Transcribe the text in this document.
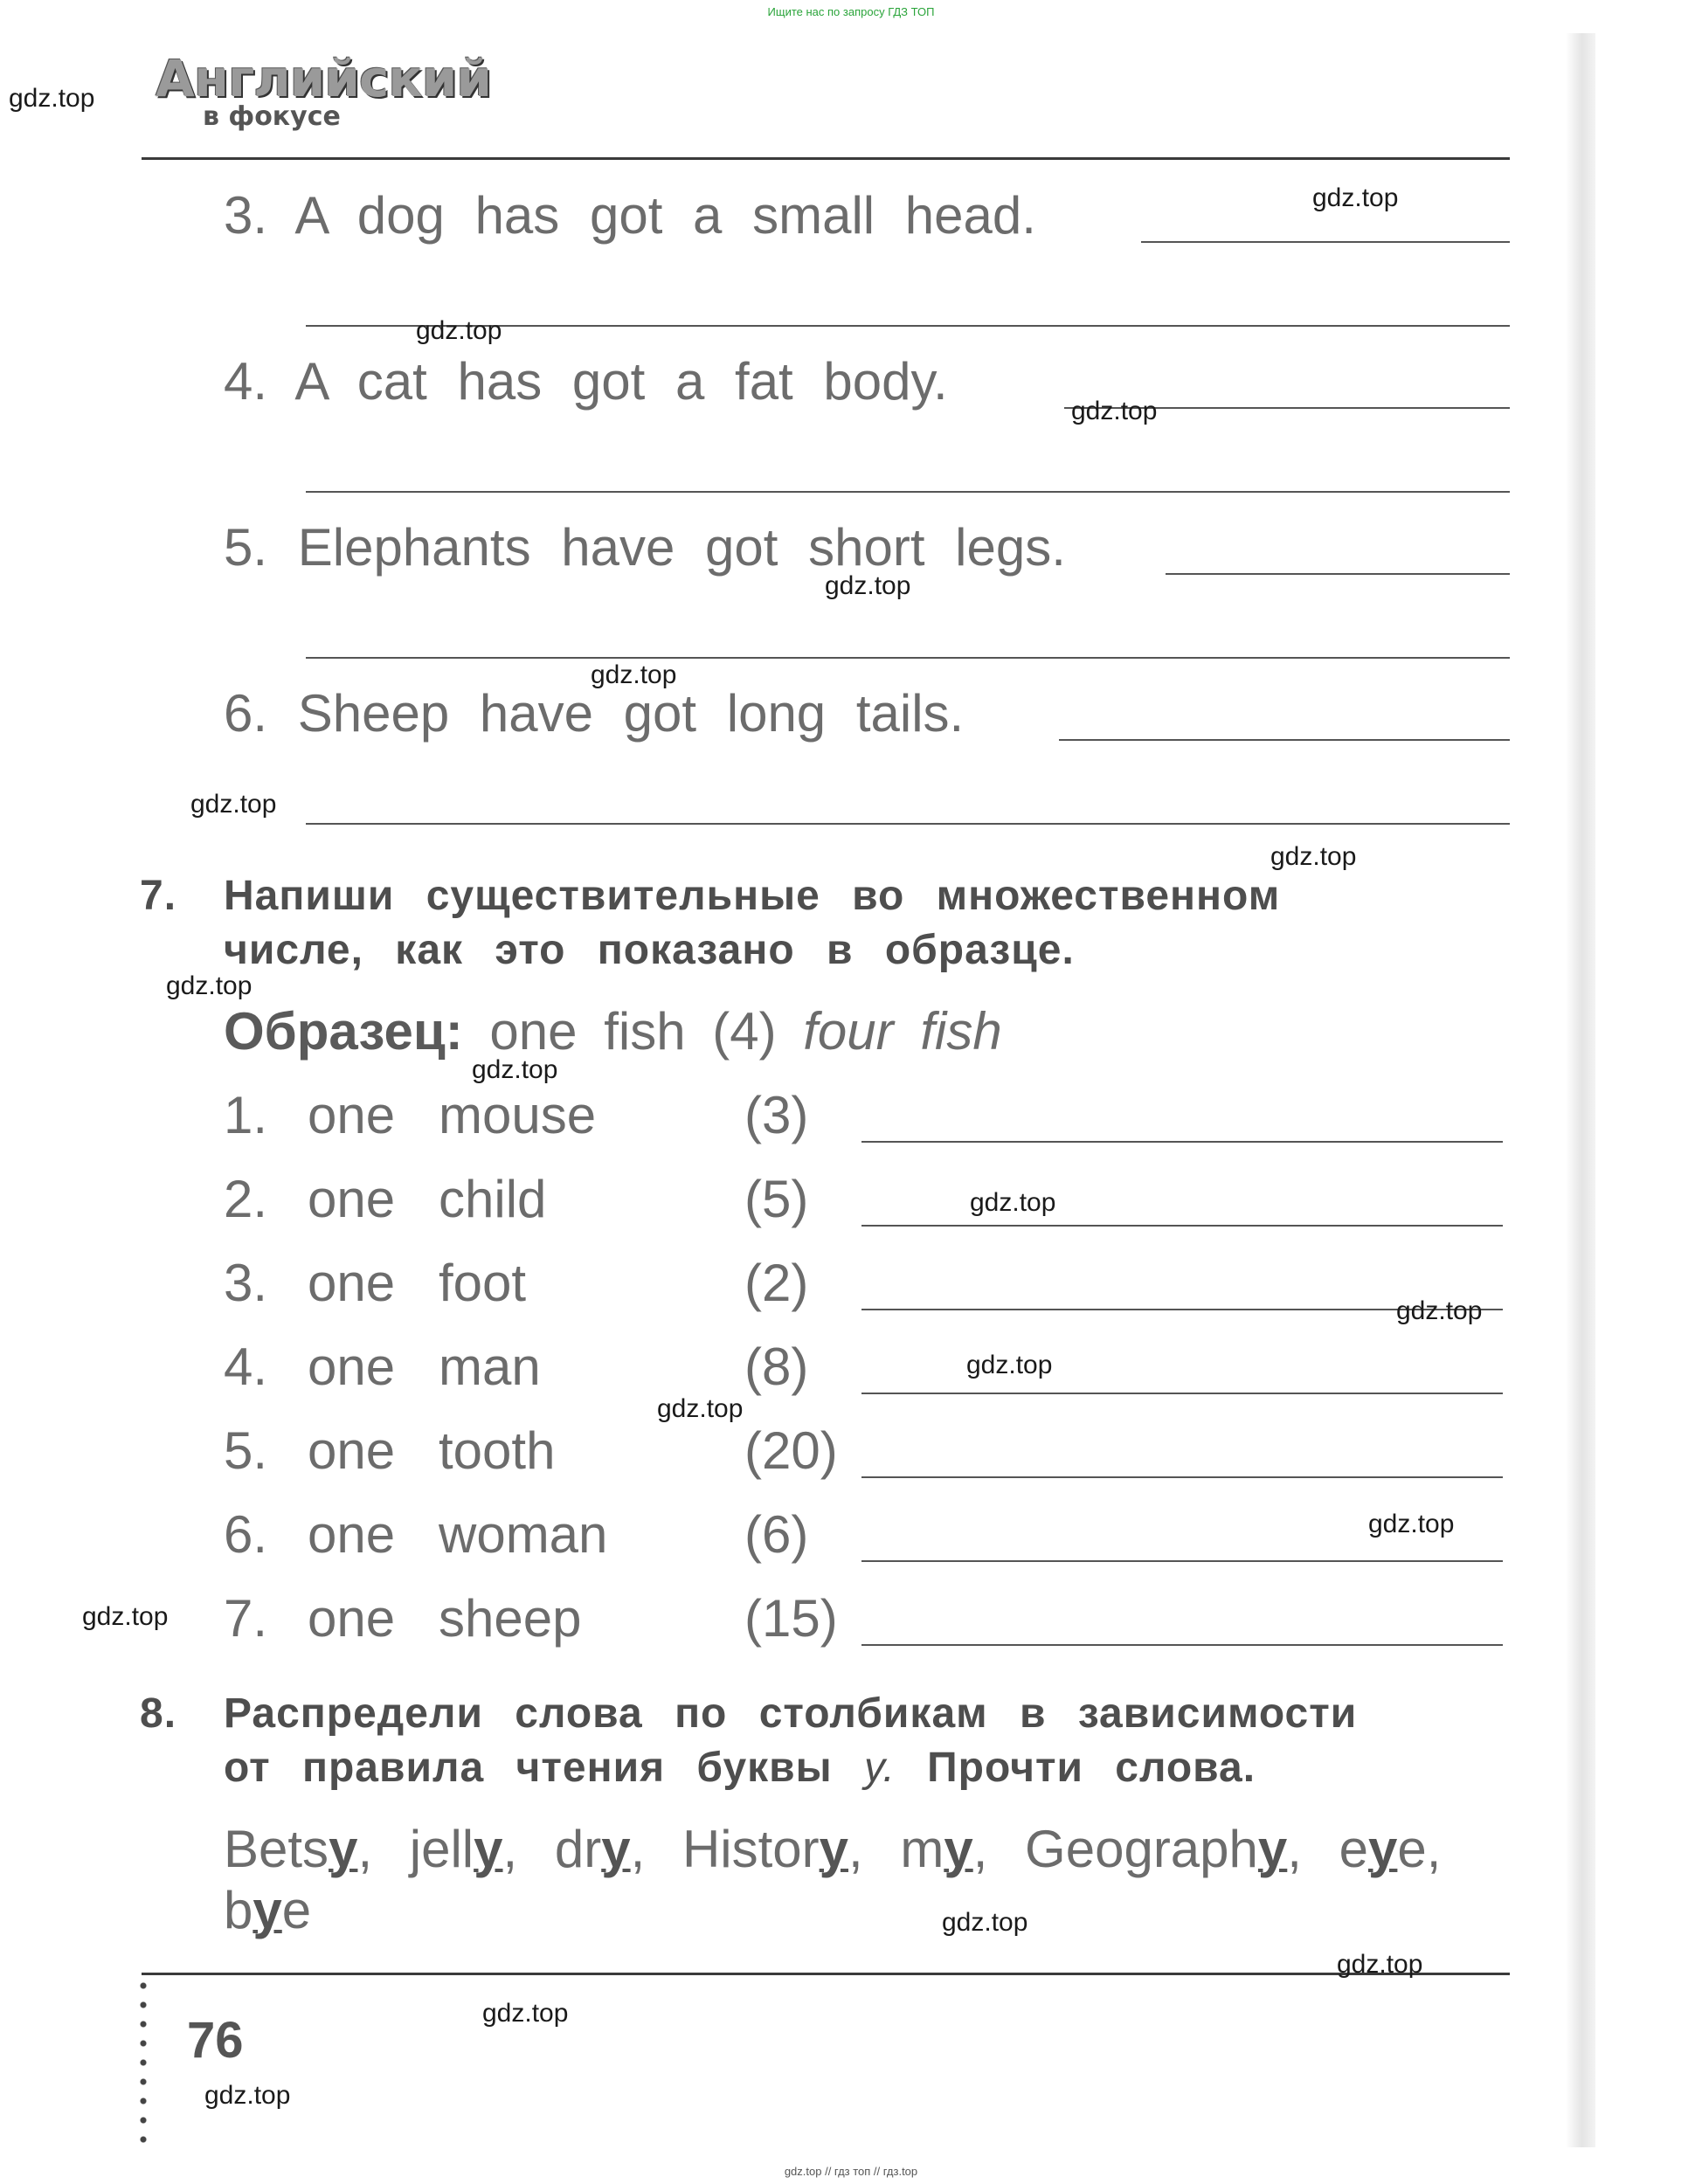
Ищите нас по запросу ГДЗ ТОП
Английский
в фокусе
3. A dog has got a small head.
4. A cat has got a fat body.
5. Elephants have got short legs.
6. Sheep have got long tails.
7. Напиши существительные во множественном
числе, как это показано в образце.
Образец: one fish (4) four fish
1. one mouse	(3)
2. one child	(5)
3. one foot	(2)
4. one man	(8)
5. one tooth	(20)
6. one woman	(6)
7. one sheep	(15)
8. Распредели слова по столбикам в зависимости
от правила чтения буквы y. Прочти слова.
Betsy, jelly, dry, History, my, Geography, eye,
bye
76
gdz.top // гдз топ // гдз.top
gdz.top
gdz.top
gdz.top
gdz.top
gdz.top
gdz.top
gdz.top
gdz.top
gdz.top
gdz.top
gdz.top
gdz.top
gdz.top
gdz.top
gdz.top
gdz.top
gdz.top
gdz.top
gdz.top
gdz.top
